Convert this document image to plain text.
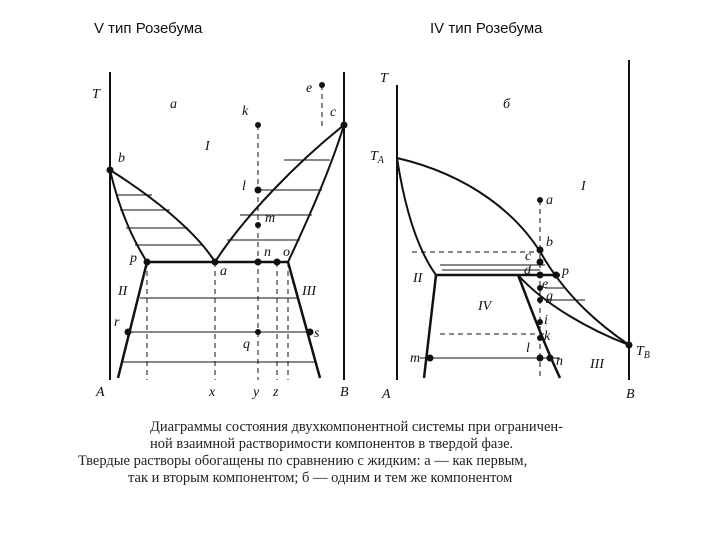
V тип Розебума	IV тип Розебума
T
а
I
II	III
A	x	y z	B
b
c
e
k
l
m
n o
p
a
r
q
s
T
б
$T_A$
$T_B$
I
II
III
IV
A	B
a
b
c
d p
e
g
i
k
l
n
m
Диаграммы состояния двухкомпонентной системы при ограничен-
ной взаимной растворимости компонентов в твердой фазе.
Твердые растворы обогащены по сравнению с жидким: а — как первым,
так и вторым компонентом; б — одним и тем же компонентом
